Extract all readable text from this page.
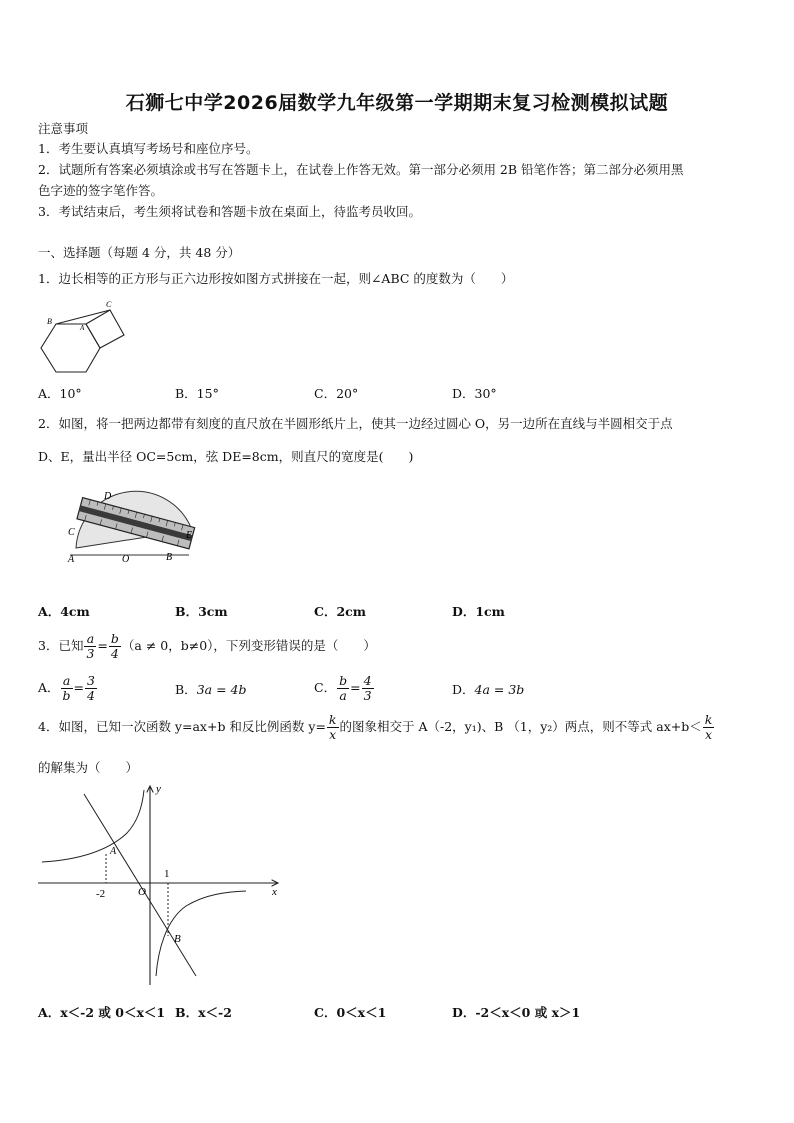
石狮七中学2026届数学九年级第一学期期末复习检测模拟试题
注意事项
1．考生要认真填写考场号和座位序号。
2．试题所有答案必须填涂或书写在答题卡上，在试卷上作答无效。第一部分必须用 2B 铅笔作答；第二部分必须用黑
色字迹的签字笔作答。
3．考试结束后，考生须将试卷和答题卡放在桌面上，待监考员收回。
一、选择题（每题 4 分，共 48 分）
1．边长相等的正方形与正六边形按如图方式拼接在一起，则∠ABC 的度数为（　　）
B
C
A
A．10°	B．15°	C．20°	D．30°
2．如图，将一把两边都带有刻度的直尺放在半圆形纸片上，使其一边经过圆心 O，另一边所在直线与半圆相交于点
D、E，量出半径 OC=5cm，弦 DE=8cm，则直尺的宽度是(　　)
D
C	E
A	O	B
A．4cm	B．3cm	C．2cm	D．1cm
3．已知 $\frac{a}{3} = \frac{b}{4} (a \ne 0$，b≠0），下列变形错误的是（　　）
A． $\frac{a}{b} = \frac{3}{4}$	B．3a = 4b	C． $\frac{b}{a} = \frac{4}{3}$	D．4a = 3b
4．如图，已知一次函数 y=ax+b 和反比例函数 $y= \frac{k}{x}$ 的图象相交于 A（-2，y₁)、B （1，y₂）两点，则不等式 $ax+b< \frac{k}{x}$
的解集为（　　）
y
x
O
A
B
-2
1
A．x＜-2 或 0＜x＜1 B．x＜-2	C．0＜x＜1	D．-2＜x＜0 或 x＞1
